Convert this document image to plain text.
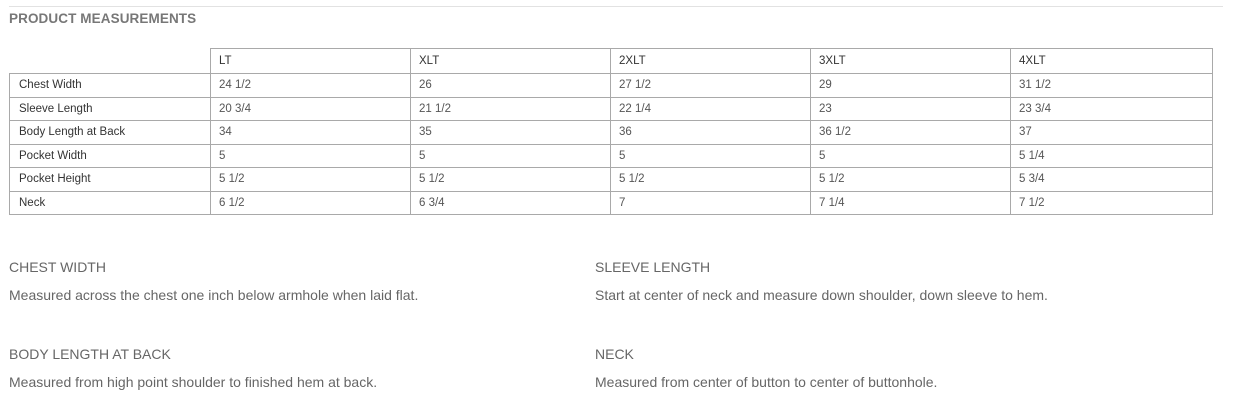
PRODUCT MEASUREMENTS
	LT	XLT	2XLT	3XLT	4XLT
Chest Width	24 1/2	26	27 1/2	29	31 1/2
Sleeve Length	20 3/4	21 1/2	22 1/4	23	23 3/4
Body Length at Back	34	35	36	36 1/2	37
Pocket Width	5	5	5	5	5 1/4
Pocket Height	5 1/2	5 1/2	5 1/2	5 1/2	5 3/4
Neck	6 1/2	6 3/4	7	7 1/4	7 1/2

CHEST WIDTH

Measured across the chest one inch below armhole when laid flat.

SLEEVE LENGTH

Start at center of neck and measure down shoulder, down sleeve to hem.

BODY LENGTH AT BACK

Measured from high point shoulder to finished hem at back.

NECK

Measured from center of button to center of buttonhole.
